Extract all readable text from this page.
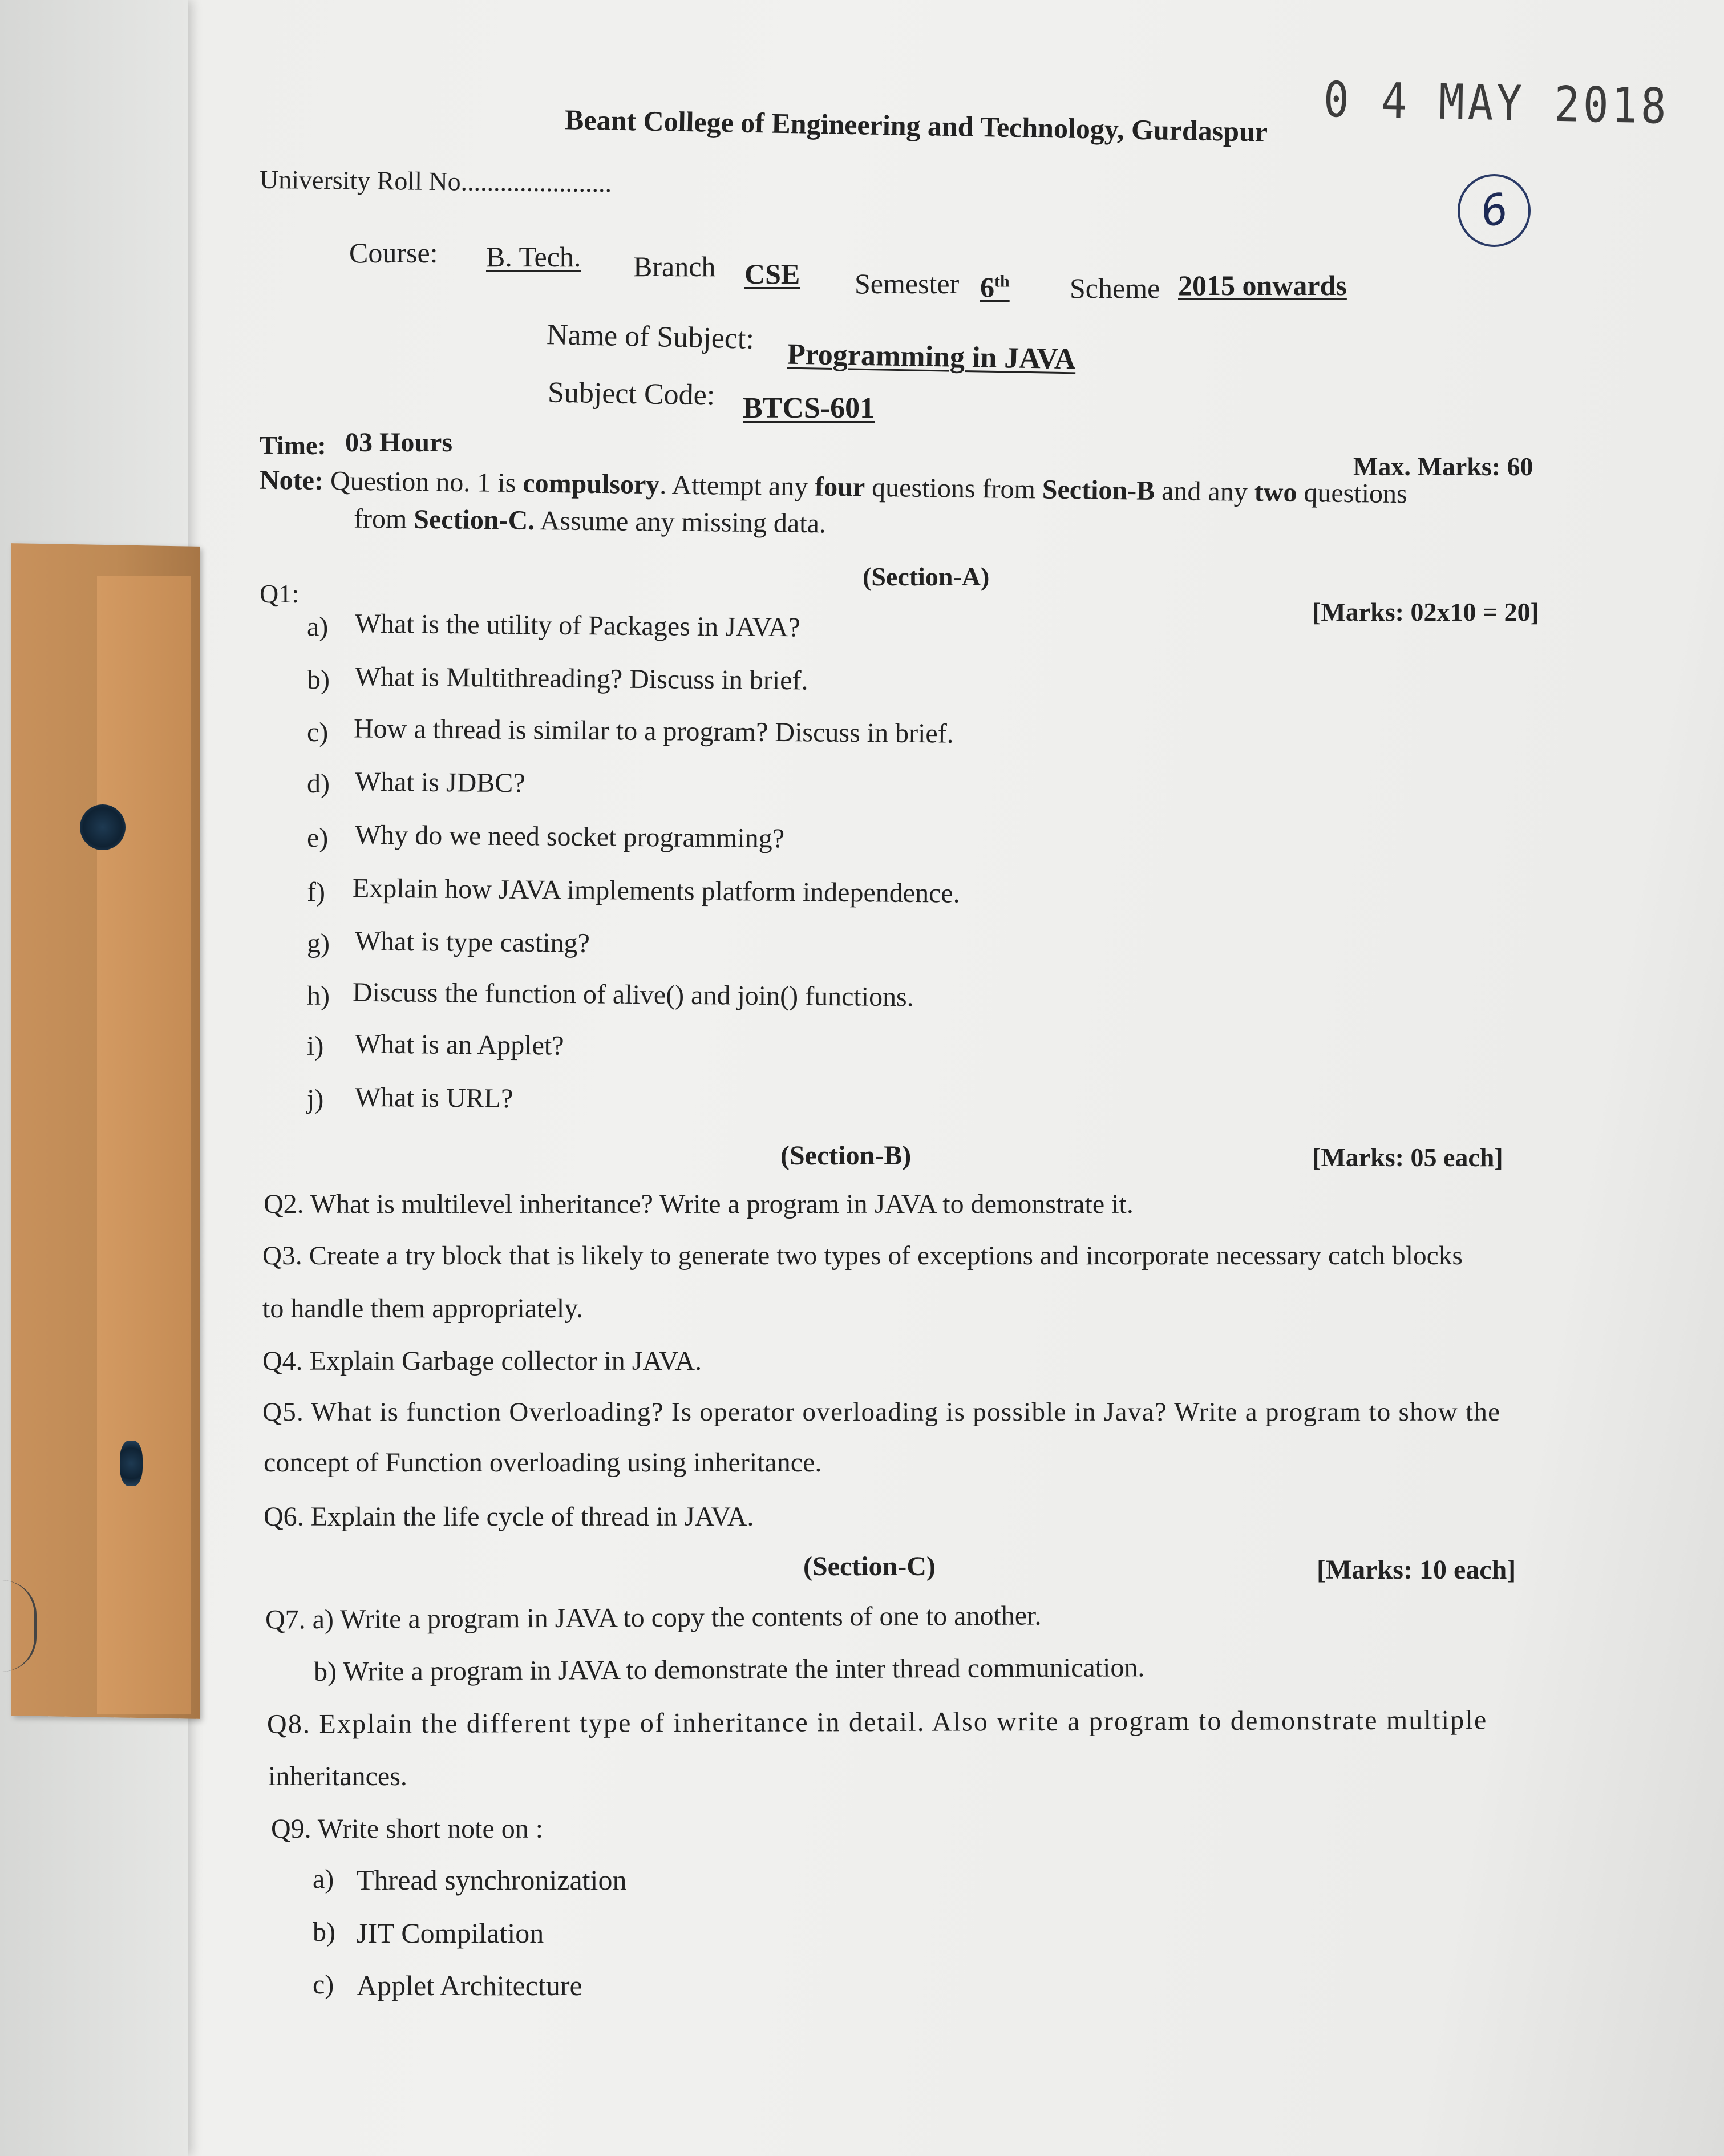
0 4 MAY 2018
6
Beant College of Engineering and Technology, Gurdaspur
University Roll No.......................
Course: B. Tech. Branch CSE Semester 6th Scheme 2015 onwards
Name of Subject:
Programming in JAVA
Subject Code: BTCS-601
Time: 03 Hours
Max. Marks: 60
Note: Question no. 1 is compulsory. Attempt any four questions from Section-B and any two questions
from Section-C. Assume any missing data.
(Section-A)
Q1:
[Marks: 02x10 = 20]
a) What is the utility of Packages in JAVA?
b) What is Multithreading? Discuss in brief.
c) How a thread is similar to a program? Discuss in brief.
d) What is JDBC?
e) Why do we need socket programming?
f) Explain how JAVA implements platform independence.
g) What is type casting?
h) Discuss the function of alive() and join() functions.
i) What is an Applet?
j) What is URL?
(Section-B)	[Marks: 05 each]
Q2. What is multilevel inheritance? Write a program in JAVA to demonstrate it.
Q3. Create a try block that is likely to generate two types of exceptions and incorporate necessary catch blocks
to handle them appropriately.
Q4. Explain Garbage collector in JAVA.
Q5. What is function Overloading? Is operator overloading is possible in Java? Write a program to show the
concept of Function overloading using inheritance.
Q6. Explain the life cycle of thread in JAVA.
(Section-C)	[Marks: 10 each]
Q7. a) Write a program in JAVA to copy the contents of one to another.
b) Write a program in JAVA to demonstrate the inter thread communication.
Q8. Explain the different type of inheritance in detail. Also write a program to demonstrate multiple
inheritances.
Q9. Write short note on :
a) Thread synchronization
b) JIT Compilation
c) Applet Architecture
